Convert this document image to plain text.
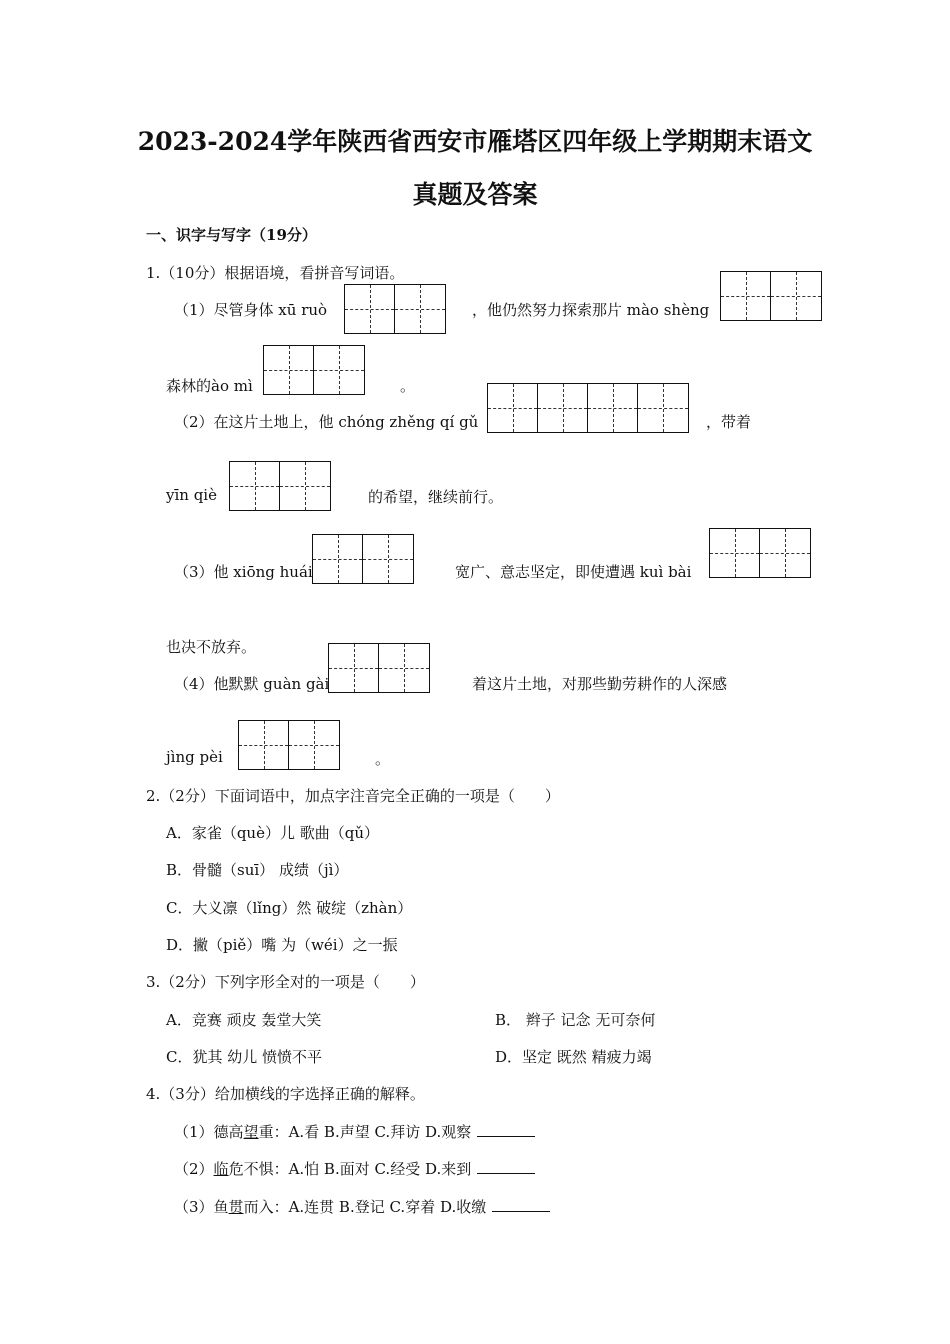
2023-2024学年陕西省西安市雁塔区四年级上学期期末语文
真题及答案
一、识字与写字（19分）
1.（10分）根据语境，看拼音写词语。
（1）尽管身体 xū ruò	，他仍然努力探索那片 mào shèng
森林的ào mì	。
（2）在这片土地上，他 chóng zhěng qí gǔ	，带着
yīn qiè	的希望，继续前行。
（3）他 xiōng huái	宽广、意志坚定，即使遭遇 kuì bài
也决不放弃。
（4）他默默 guàn gài	着这片土地，对那些勤劳耕作的人深感
jìng pèi	。
2.（2分）下面词语中，加点字注音完全正确的一项是（　　）
A．家雀（què）儿 歌曲（qǔ）
B．骨髓（suī） 成绩（jì）
C．大义凛（lǐng）然 破绽（zhàn）
D．撇（piě）嘴 为（wéi）之一振
3.（2分）下列字形全对的一项是（　　）
A．竞赛 顽皮 轰堂大笑	B． 辫子 记念 无可奈何
C．犹其 幼儿 愤愤不平	D．坚定 既然 精疲力竭
4.（3分）给加横线的字选择正确的解释。
（1）德高望重：A.看 B.声望 C.拜访 D.观察
（2）临危不惧：A.怕 B.面对 C.经受 D.来到
（3）鱼贯而入：A.连贯 B.登记 C.穿着 D.收缴
